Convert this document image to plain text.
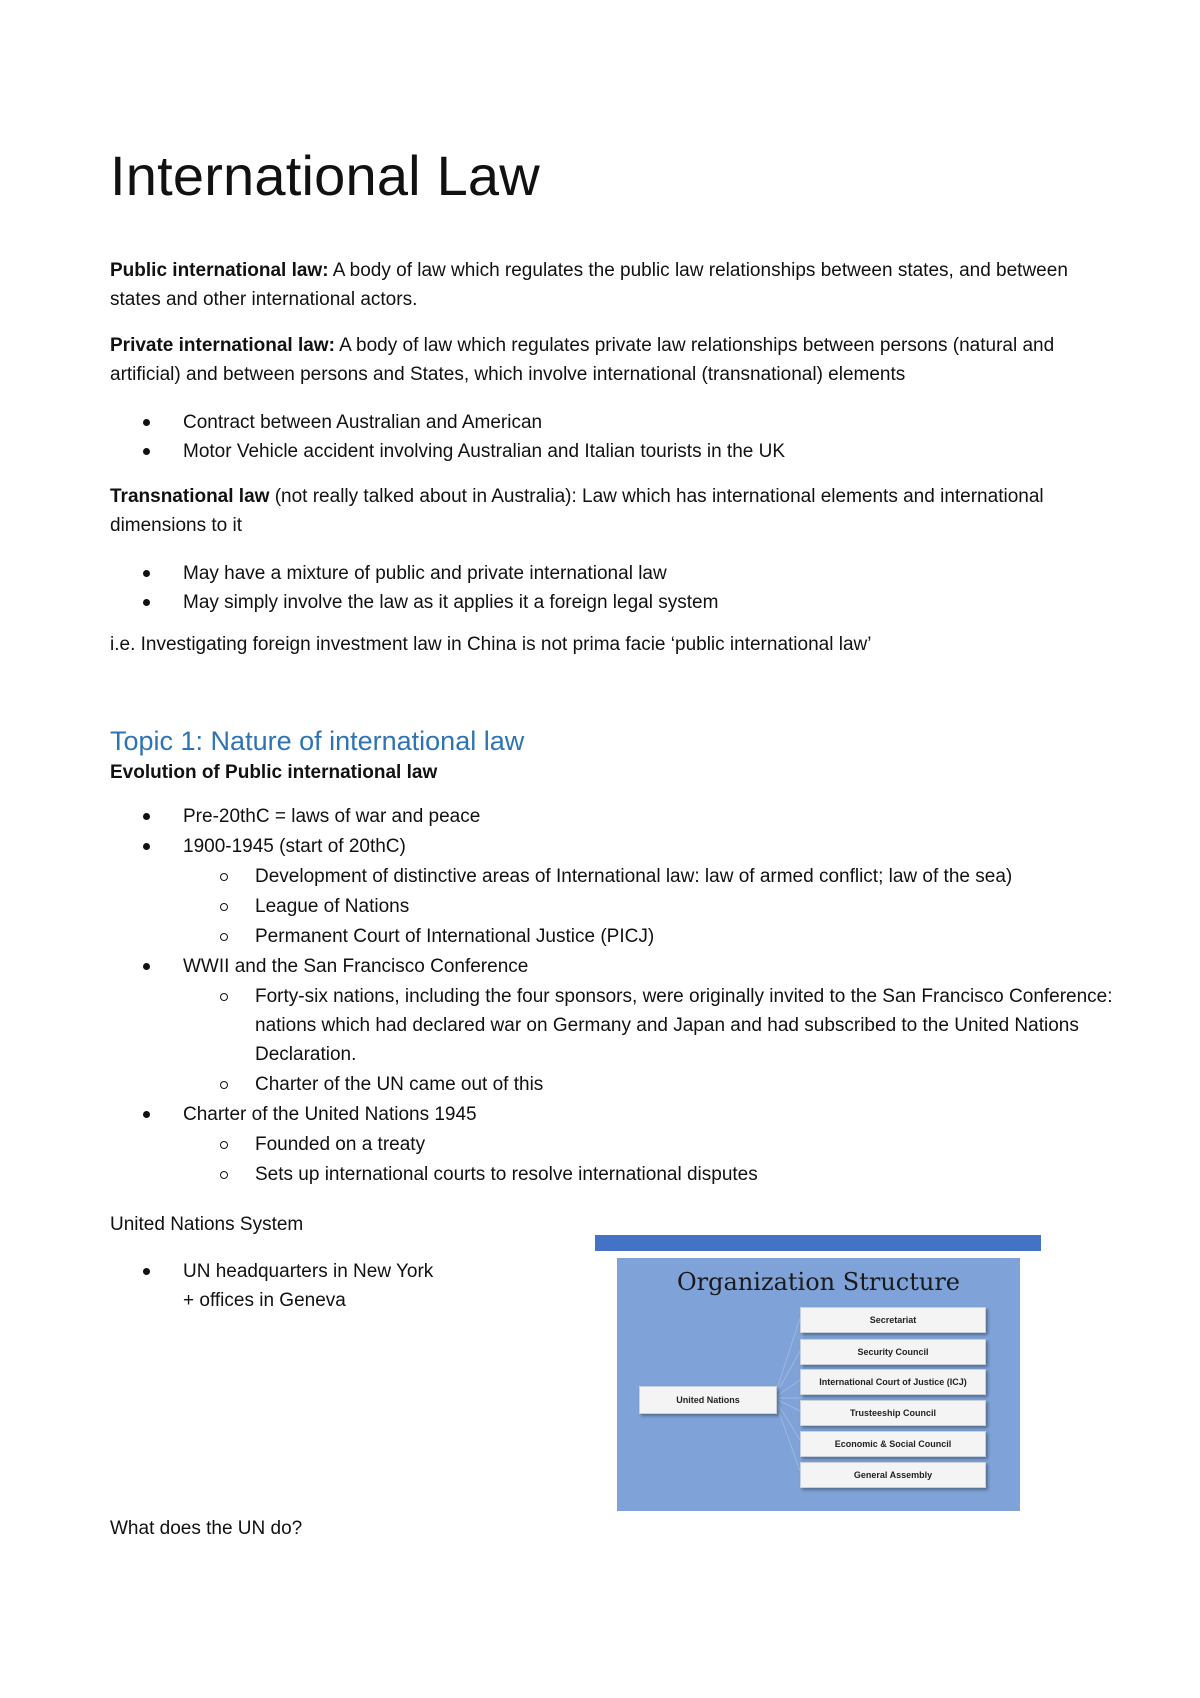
International Law
Public international law: A body of law which regulates the public law relationships between states, and between states and other international actors.
Private international law: A body of law which regulates private law relationships between persons (natural and artificial) and between persons and States, which involve international (transnational) elements
Contract between Australian and American
Motor Vehicle accident involving Australian and Italian tourists in the UK
Transnational law (not really talked about in Australia): Law which has international elements and international dimensions to it
May have a mixture of public and private international law
May simply involve the law as it applies it a foreign legal system
i.e. Investigating foreign investment law in China is not prima facie ‘public international law’
Topic 1: Nature of international law
Evolution of Public international law
Pre-20thC = laws of war and peace
1900-1945 (start of 20thC)
Development of distinctive areas of International law: law of armed conflict; law of the sea)
League of Nations
Permanent Court of International Justice (PICJ)
WWII and the San Francisco Conference
Forty-six nations, including the four sponsors, were originally invited to the San Francisco Conference: nations which had declared war on Germany and Japan and had subscribed to the United Nations Declaration.
Charter of the UN came out of this
Charter of the United Nations 1945
Founded on a treaty
Sets up international courts to resolve international disputes
United Nations System
UN headquarters in New York
+ offices in Geneva
What does the UN do?
Organization Structure
United Nations
Secretariat
Security Council
International Court of Justice (ICJ)
Trusteeship Council
Economic & Social Council
General Assembly
